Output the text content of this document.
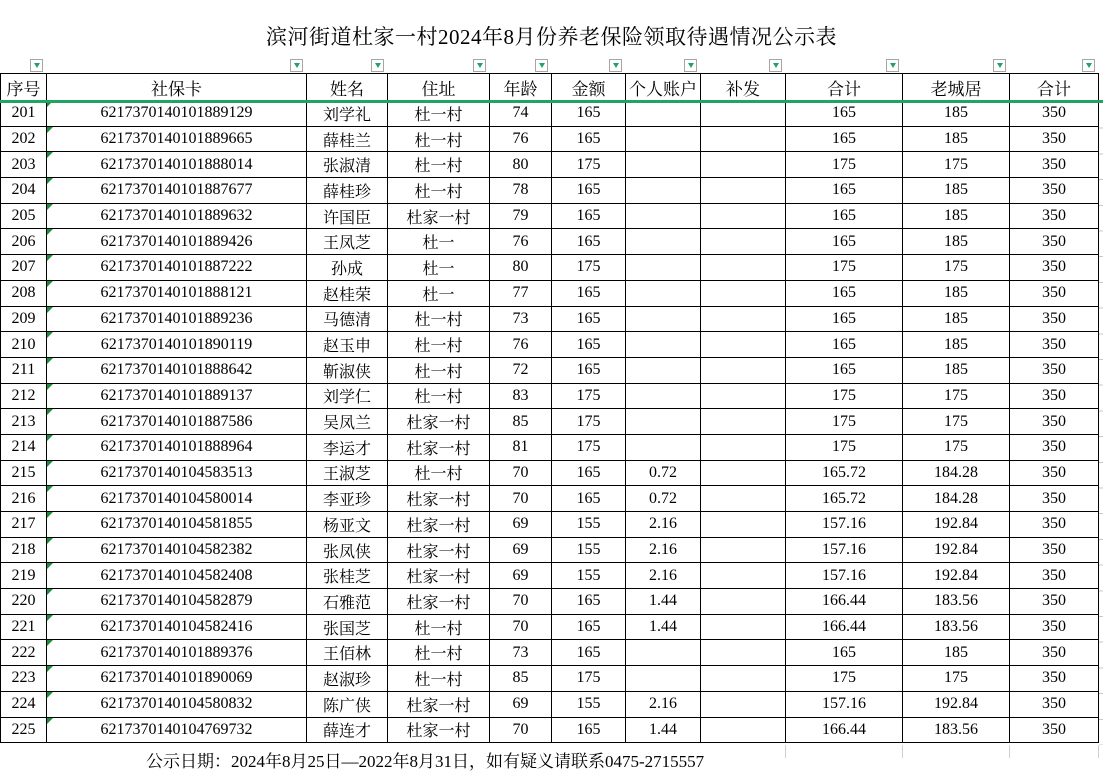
滨河街道杜家一村2024年8月份养老保险领取待遇情况公示表
序号	社保卡	姓名	住址	年龄	金额	个人账户	补发	合计	老城居	合计
201	6217370140101889129	刘学礼	杜一村	74	165			165	185	350
202	6217370140101889665	薛桂兰	杜一村	76	165			165	185	350
203	6217370140101888014	张淑清	杜一村	80	175			175	175	350
204	6217370140101887677	薛桂珍	杜一村	78	165			165	185	350
205	6217370140101889632	许国臣	杜家一村	79	165			165	185	350
206	6217370140101889426	王凤芝	杜一	76	165			165	185	350
207	6217370140101887222	孙成	杜一	80	175			175	175	350
208	6217370140101888121	赵桂荣	杜一	77	165			165	185	350
209	6217370140101889236	马德清	杜一村	73	165			165	185	350
210	6217370140101890119	赵玉申	杜一村	76	165			165	185	350
211	6217370140101888642	靳淑侠	杜一村	72	165			165	185	350
212	6217370140101889137	刘学仁	杜一村	83	175			175	175	350
213	6217370140101887586	吴凤兰	杜家一村	85	175			175	175	350
214	6217370140101888964	李运才	杜家一村	81	175			175	175	350
215	6217370140104583513	王淑芝	杜一村	70	165	0.72		165.72	184.28	350
216	6217370140104580014	李亚珍	杜家一村	70	165	0.72		165.72	184.28	350
217	6217370140104581855	杨亚文	杜家一村	69	155	2.16		157.16	192.84	350
218	6217370140104582382	张凤侠	杜家一村	69	155	2.16		157.16	192.84	350
219	6217370140104582408	张桂芝	杜家一村	69	155	2.16		157.16	192.84	350
220	6217370140104582879	石雅范	杜家一村	70	165	1.44		166.44	183.56	350
221	6217370140104582416	张国芝	杜一村	70	165	1.44		166.44	183.56	350
222	6217370140101889376	王佰林	杜一村	73	165			165	185	350
223	6217370140101890069	赵淑珍	杜一村	85	175			175	175	350
224	6217370140104580832	陈广侠	杜家一村	69	155	2.16		157.16	192.84	350
225	6217370140104769732	薛连才	杜家一村	70	165	1.44		166.44	183.56	350
公示日期：2024年8月25日—2022年8月31日，如有疑义请联系0475-2715557
